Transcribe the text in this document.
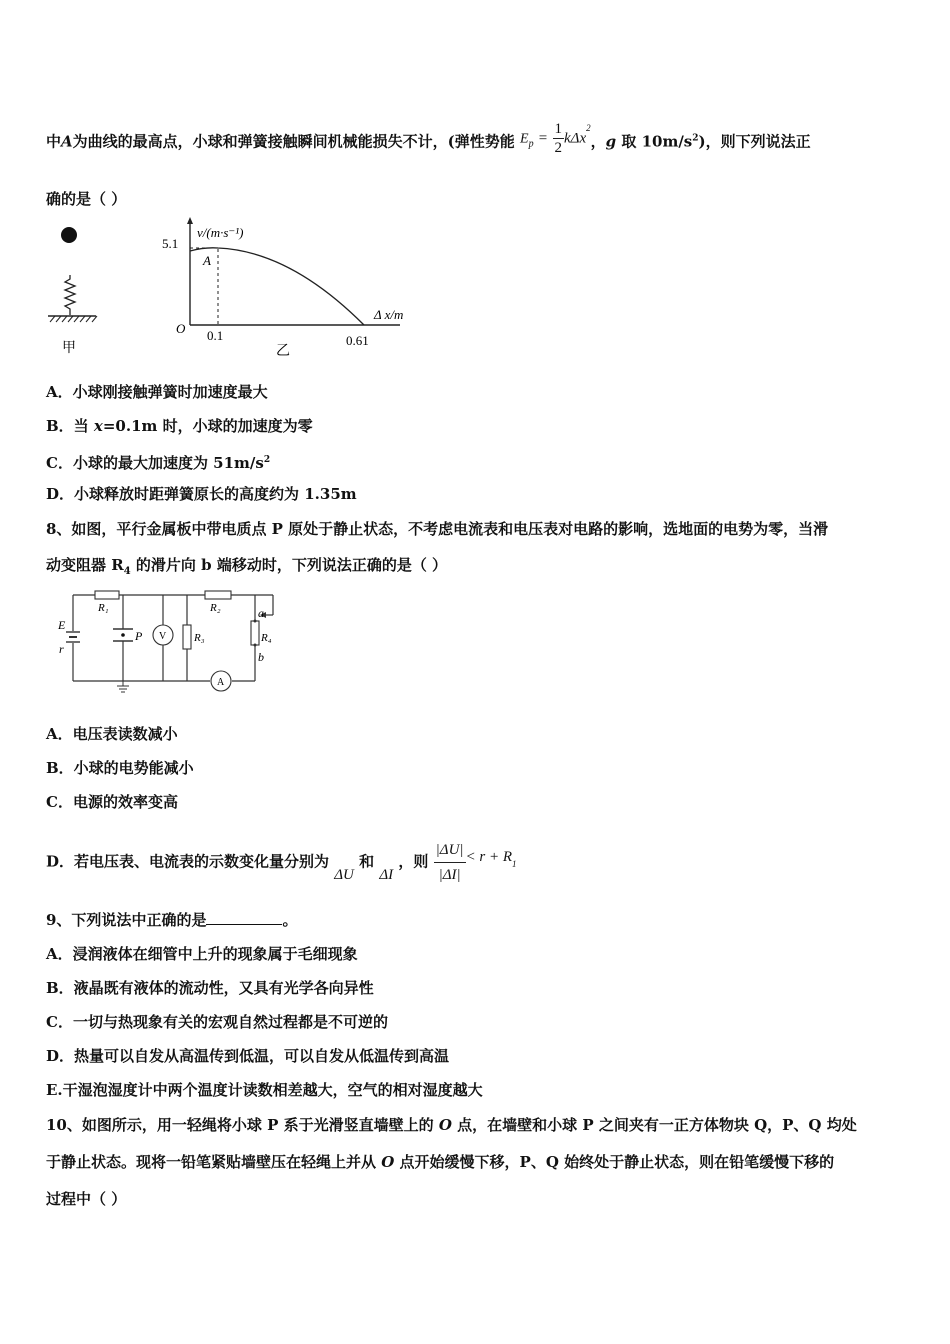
中A为曲线的最高点，小球和弹簧接触瞬间机械能损失不计，(弹性势能 $E_p = \frac{1}{2} k\Delta x^2$，g 取 $10m/s^2$)，则下列说法正
确的是（ ）
甲
v/(m·s⁻¹)
Δ x/m
5.1
O 0.1	0.61
A
乙
A．小球刚接触弹簧时加速度最大
B．当 x=0.1m 时，小球的加速度为零
C．小球的最大加速度为 $51m/s^2$
D．小球释放时距弹簧原长的高度约为 1.35m
8、如图，平行金属板中带电质点 P 原处于静止状态，不考虑电流表和电压表对电路的影响，选地面的电势为零，当滑
动变阻器 $R_4$ 的滑片向 b 端移动时，下列说法正确的是（ ）
E
r
R₁	R₂
R₃	R₄
P V
A
a
b
A．电压表读数减小
B．小球的电势能减小
C．电源的效率变高
D．若电压表、电流表的示数变化量分别为 ΔU 和 ΔI ，则 $\frac{|\Delta U|}{|\Delta I|} < r + R_1$
9、下列说法中正确的是	。
A．浸润液体在细管中上升的现象属于毛细现象
B．液晶既有液体的流动性，又具有光学各向异性
C．一切与热现象有关的宏观自然过程都是不可逆的
D．热量可以自发从高温传到低温，可以自发从低温传到高温
E.干湿泡湿度计中两个温度计读数相差越大，空气的相对湿度越大
10、如图所示，用一轻绳将小球 P 系于光滑竖直墙壁上的 O 点，在墙壁和小球 P 之间夹有一正方体物块 Q，P、Q 均处
于静止状态。现将一铅笔紧贴墙壁压在轻绳上并从 O 点开始缓慢下移，P、Q 始终处于静止状态，则在铅笔缓慢下移的
过程中（ ）
